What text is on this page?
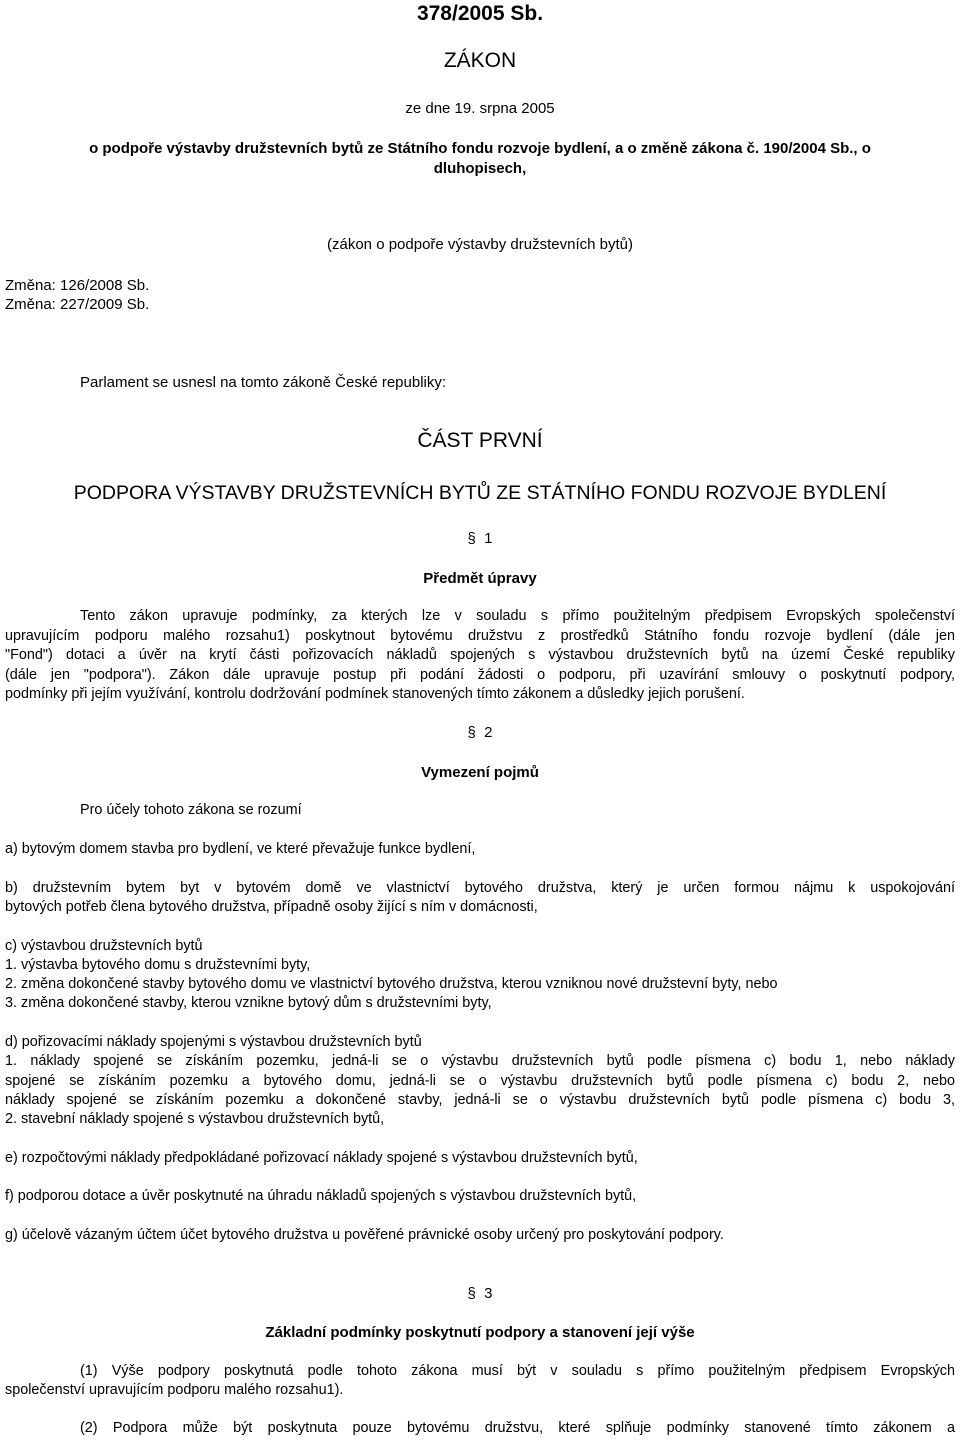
378/2005 Sb.
ZÁKON
ze dne 19. srpna 2005
o podpoře výstavby družstevních bytů ze Státního fondu rozvoje bydlení, a o změně zákona č. 190/2004 Sb., o
dluhopisech,
(zákon o podpoře výstavby družstevních bytů)
Změna: 126/2008 Sb.
Změna: 227/2009 Sb.
Parlament se usnesl na tomto zákoně České republiky:
ČÁST PRVNÍ
PODPORA VÝSTAVBY DRUŽSTEVNÍCH BYTŮ ZE STÁTNÍHO FONDU ROZVOJE BYDLENÍ
§ 1
Předmět úpravy
Tento zákon upravuje podmínky, za kterých lze v souladu s přímo použitelným předpisem Evropských společenství
upravujícím podporu malého rozsahu1) poskytnout bytovému družstvu z prostředků Státního fondu rozvoje bydlení (dále jen
"Fond") dotaci a úvěr na krytí části pořizovacích nákladů spojených s výstavbou družstevních bytů na území České republiky
(dále jen "podpora"). Zákon dále upravuje postup při podání žádosti o podporu, při uzavírání smlouvy o poskytnutí podpory,
podmínky při jejím využívání, kontrolu dodržování podmínek stanovených tímto zákonem a důsledky jejich porušení.
§ 2
Vymezení pojmů
Pro účely tohoto zákona se rozumí
a) bytovým domem stavba pro bydlení, ve které převažuje funkce bydlení,
b) družstevním bytem byt v bytovém domě ve vlastnictví bytového družstva, který je určen formou nájmu k uspokojování
bytových potřeb člena bytového družstva, případně osoby žijící s ním v domácnosti,
c) výstavbou družstevních bytů
1. výstavba bytového domu s družstevními byty,
2. změna dokončené stavby bytového domu ve vlastnictví bytového družstva, kterou vzniknou nové družstevní byty, nebo
3. změna dokončené stavby, kterou vznikne bytový dům s družstevními byty,
d) pořizovacími náklady spojenými s výstavbou družstevních bytů
1. náklady spojené se získáním pozemku, jedná-li se o výstavbu družstevních bytů podle písmena c) bodu 1, nebo náklady
spojené se získáním pozemku a bytového domu, jedná-li se o výstavbu družstevních bytů podle písmena c) bodu 2, nebo
náklady spojené se získáním pozemku a dokončené stavby, jedná-li se o výstavbu družstevních bytů podle písmena c) bodu 3,
2. stavební náklady spojené s výstavbou družstevních bytů,
e) rozpočtovými náklady předpokládané pořizovací náklady spojené s výstavbou družstevních bytů,
f) podporou dotace a úvěr poskytnuté na úhradu nákladů spojených s výstavbou družstevních bytů,
g) účelově vázaným účtem účet bytového družstva u pověřené právnické osoby určený pro poskytování podpory.
§ 3
Základní podmínky poskytnutí podpory a stanovení její výše
(1) Výše podpory poskytnutá podle tohoto zákona musí být v souladu s přímo použitelným předpisem Evropských
společenství upravujícím podporu malého rozsahu1).
(2) Podpora může být poskytnuta pouze bytovému družstvu, které splňuje podmínky stanovené tímto zákonem a
